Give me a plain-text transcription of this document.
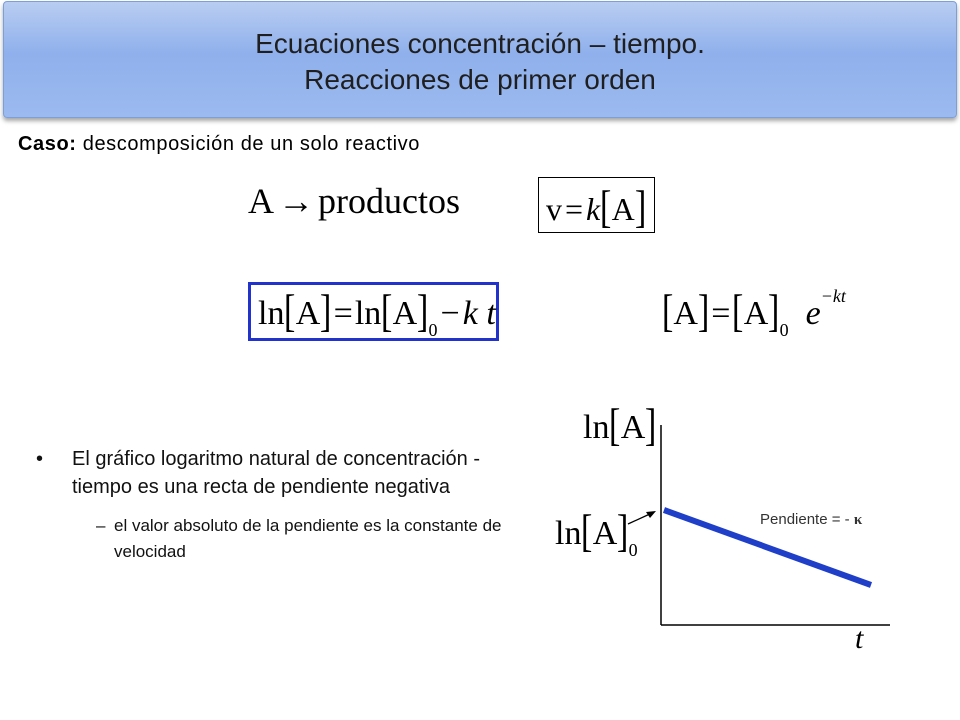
Ecuaciones concentración – tiempo.
Reacciones de primer orden
Caso: descomposición de un solo reactivo
A → productos	v=k[A]
$\ln[A]=\ln[A]_0-k$ t	$[A]=[A]_0$ $e^{-kt}$
• El gráfico logaritmo natural de concentración - tiempo es una recta de pendiente negativa
– el valor absoluto de la pendiente es la constante de velocidad
ln[A]
$\ln[A]_0$
t
Pendiente = - κ
